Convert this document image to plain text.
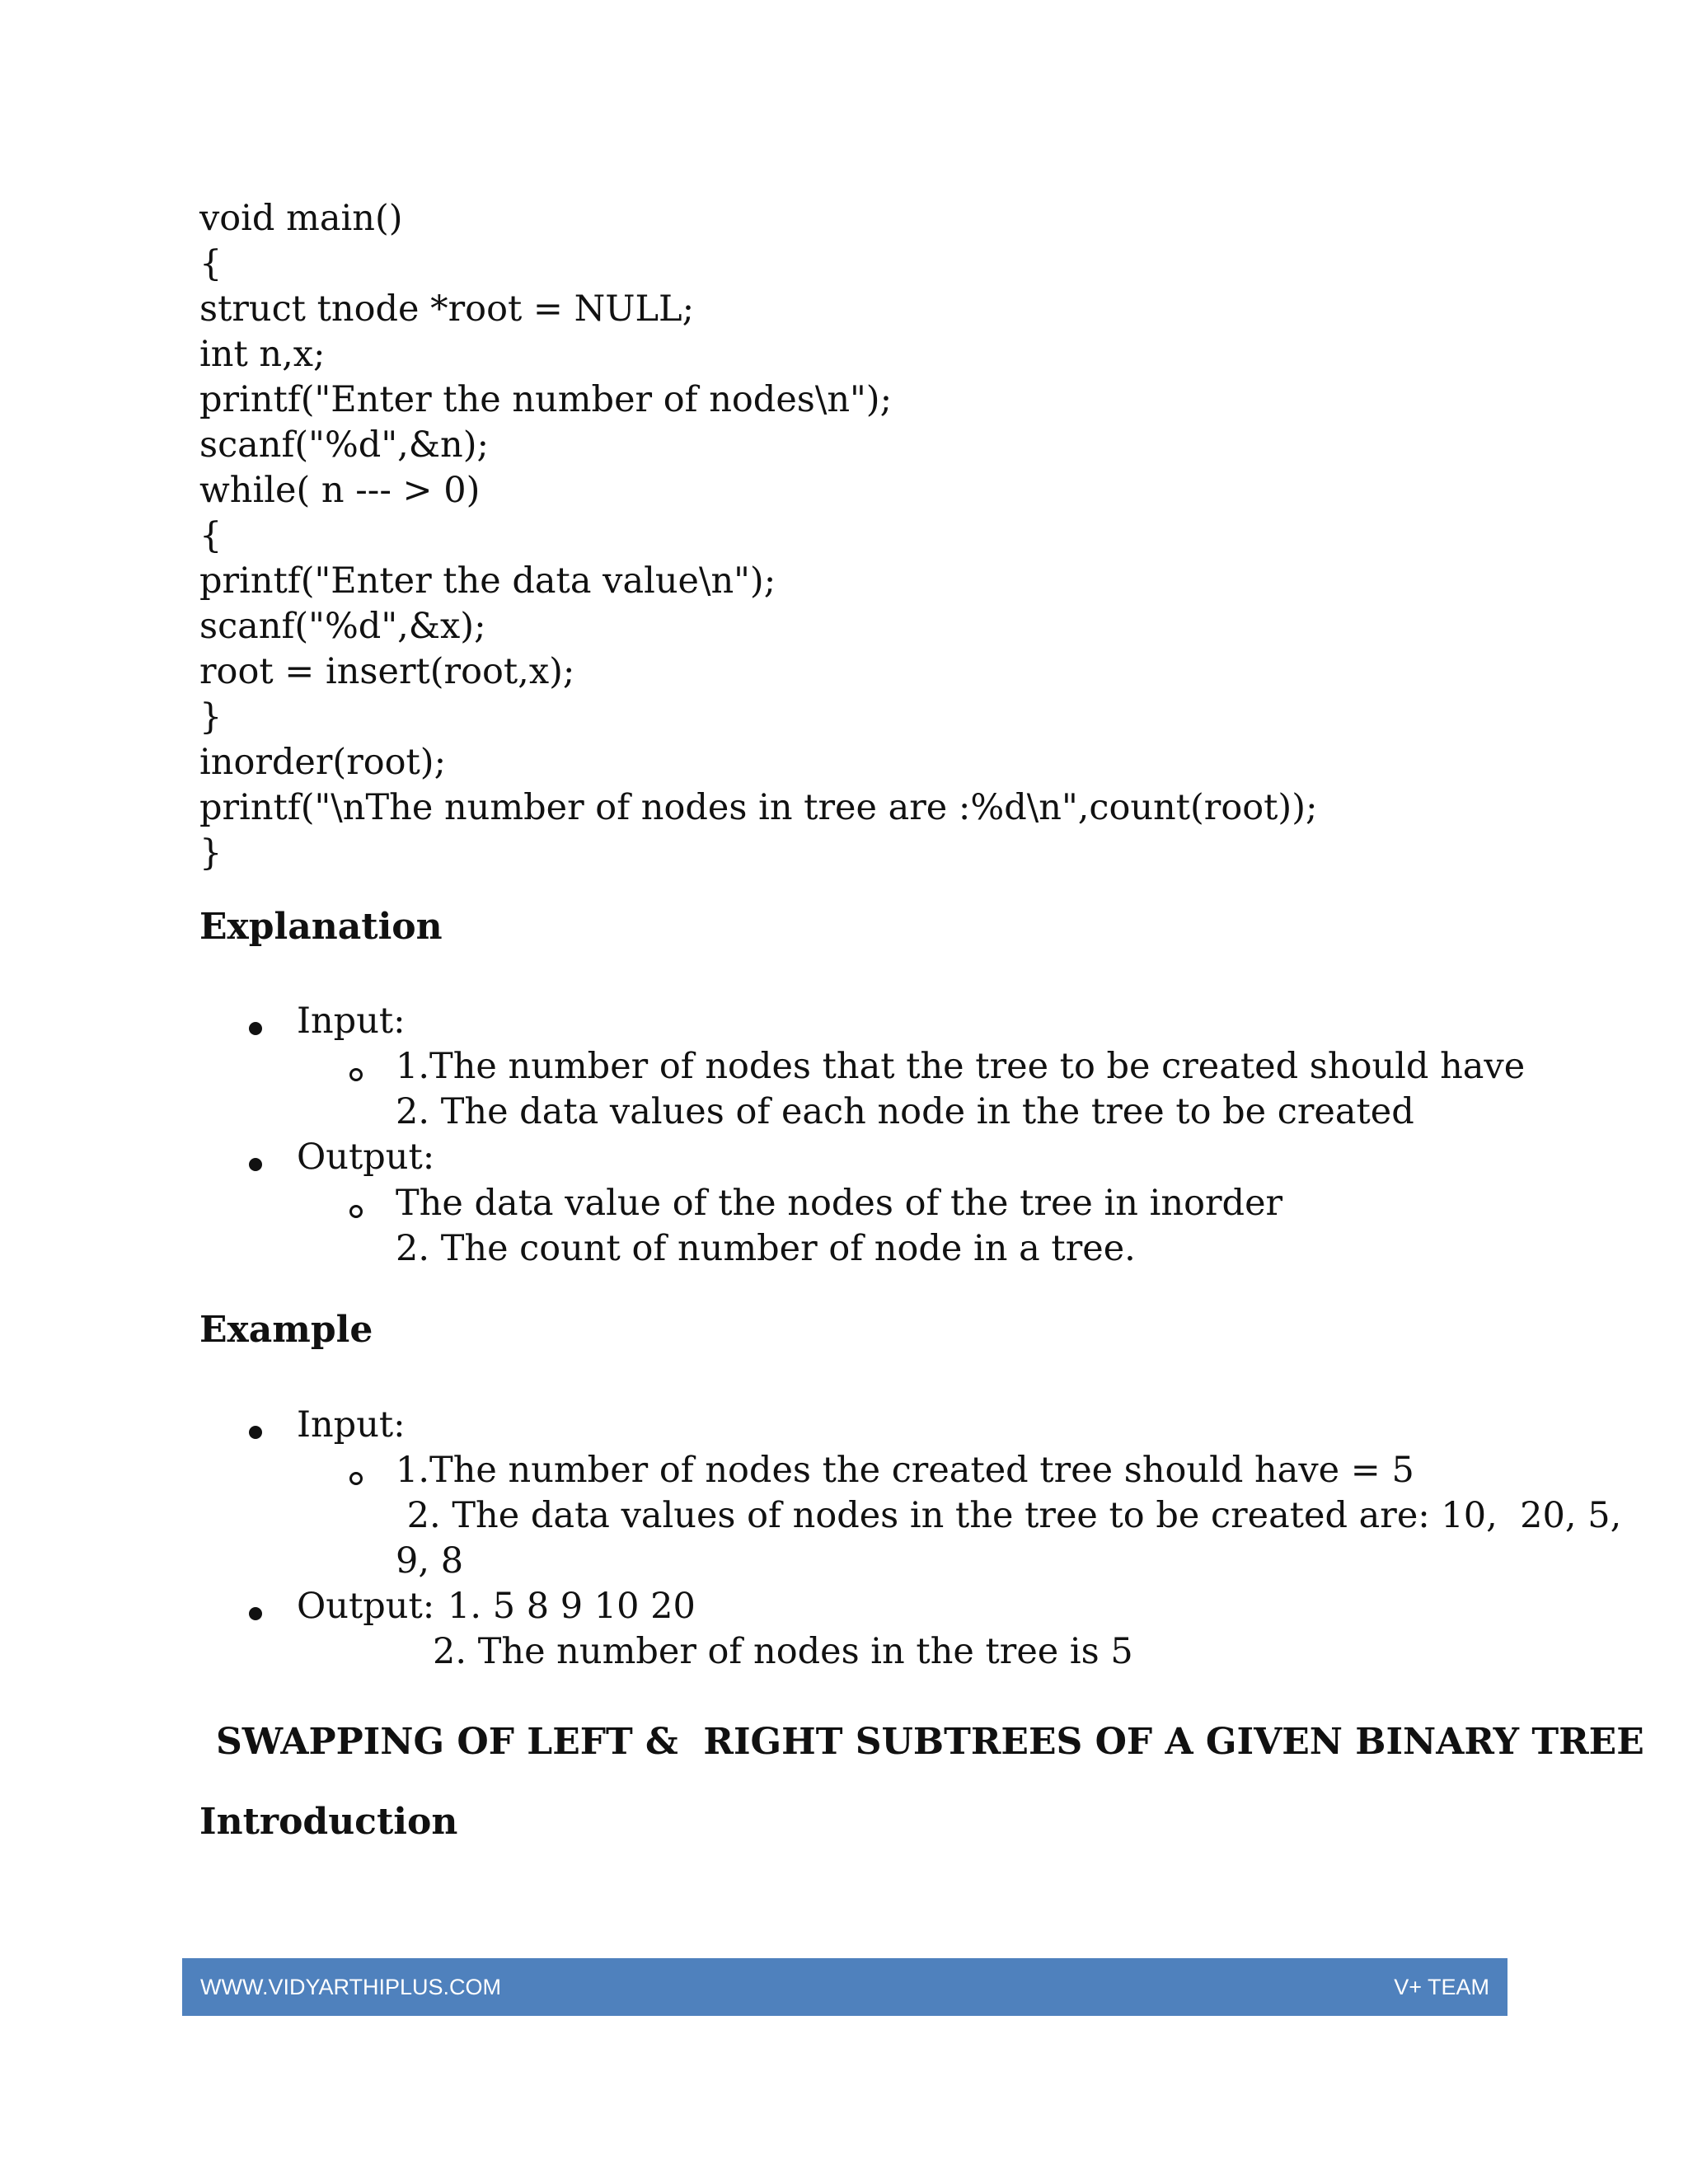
void main()
{
struct tnode *root = NULL;
int n,x;
printf("Enter the number of nodes\n");
scanf("%d",&n);
while( n --- > 0)
{
printf("Enter the data value\n");
scanf("%d",&x);
root = insert(root,x);
}
inorder(root);
printf("\nThe number of nodes in tree are :%d\n",count(root));
}
Explanation
Input:
1.The number of nodes that the tree to be created should have
2. The data values of each node in the tree to be created
Output:
The data value of the nodes of the tree in inorder
2. The count of number of node in a tree.
Example
Input:
1.The number of nodes the created tree should have = 5
2. The data values of nodes in the tree to be created are: 10,  20, 5,
9, 8
Output: 1. 5 8 9 10 20
2. The number of nodes in the tree is 5
SWAPPING OF LEFT &  RIGHT SUBTREES OF A GIVEN BINARY TREE
Introduction
WWW.VIDYARTHIPLUS.COM	V+ TEAM
